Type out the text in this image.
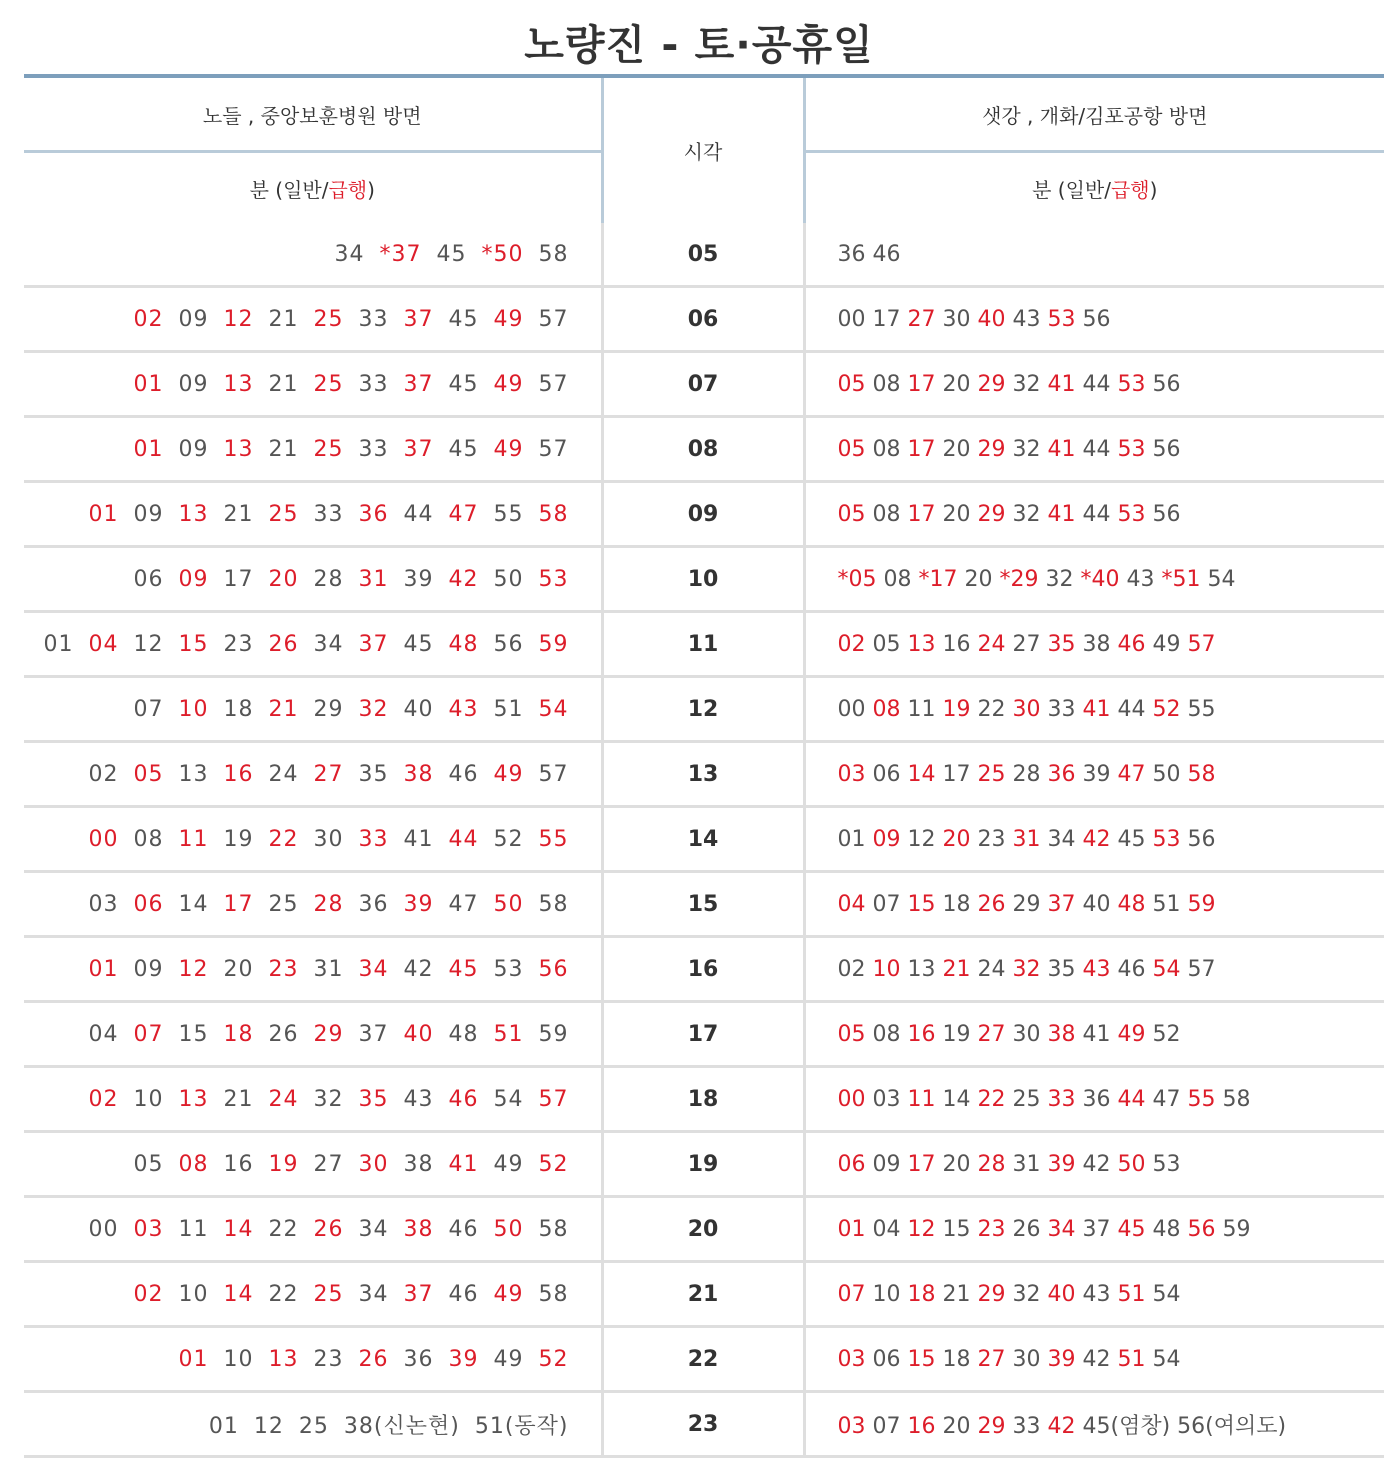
노량진 - 토·공휴일
노들 , 중앙보훈병원 방면	시각	샛강 , 개화/김포공항 방면
분 (일반/급행)		분 (일반/급행)
34 *37 45 *50 58	05	36 46
02 09 12 21 25 33 37 45 49 57	06	00 17 27 30 40 43 53 56
01 09 13 21 25 33 37 45 49 57	07	05 08 17 20 29 32 41 44 53 56
01 09 13 21 25 33 37 45 49 57	08	05 08 17 20 29 32 41 44 53 56
01 09 13 21 25 33 36 44 47 55 58	09	05 08 17 20 29 32 41 44 53 56
06 09 17 20 28 31 39 42 50 53	10	*05 08 *17 20 *29 32 *40 43 *51 54
01 04 12 15 23 26 34 37 45 48 56 59	11	02 05 13 16 24 27 35 38 46 49 57
07 10 18 21 29 32 40 43 51 54	12	00 08 11 19 22 30 33 41 44 52 55
02 05 13 16 24 27 35 38 46 49 57	13	03 06 14 17 25 28 36 39 47 50 58
00 08 11 19 22 30 33 41 44 52 55	14	01 09 12 20 23 31 34 42 45 53 56
03 06 14 17 25 28 36 39 47 50 58	15	04 07 15 18 26 29 37 40 48 51 59
01 09 12 20 23 31 34 42 45 53 56	16	02 10 13 21 24 32 35 43 46 54 57
04 07 15 18 26 29 37 40 48 51 59	17	05 08 16 19 27 30 38 41 49 52
02 10 13 21 24 32 35 43 46 54 57	18	00 03 11 14 22 25 33 36 44 47 55 58
05 08 16 19 27 30 38 41 49 52	19	06 09 17 20 28 31 39 42 50 53
00 03 11 14 22 26 34 38 46 50 58	20	01 04 12 15 23 26 34 37 45 48 56 59
02 10 14 22 25 34 37 46 49 58	21	07 10 18 21 29 32 40 43 51 54
01 10 13 23 26 36 39 49 52	22	03 06 15 18 27 30 39 42 51 54
01 12 25 38(신논현) 51(동작)	23	03 07 16 20 29 33 42 45(염창) 56(여의도)
